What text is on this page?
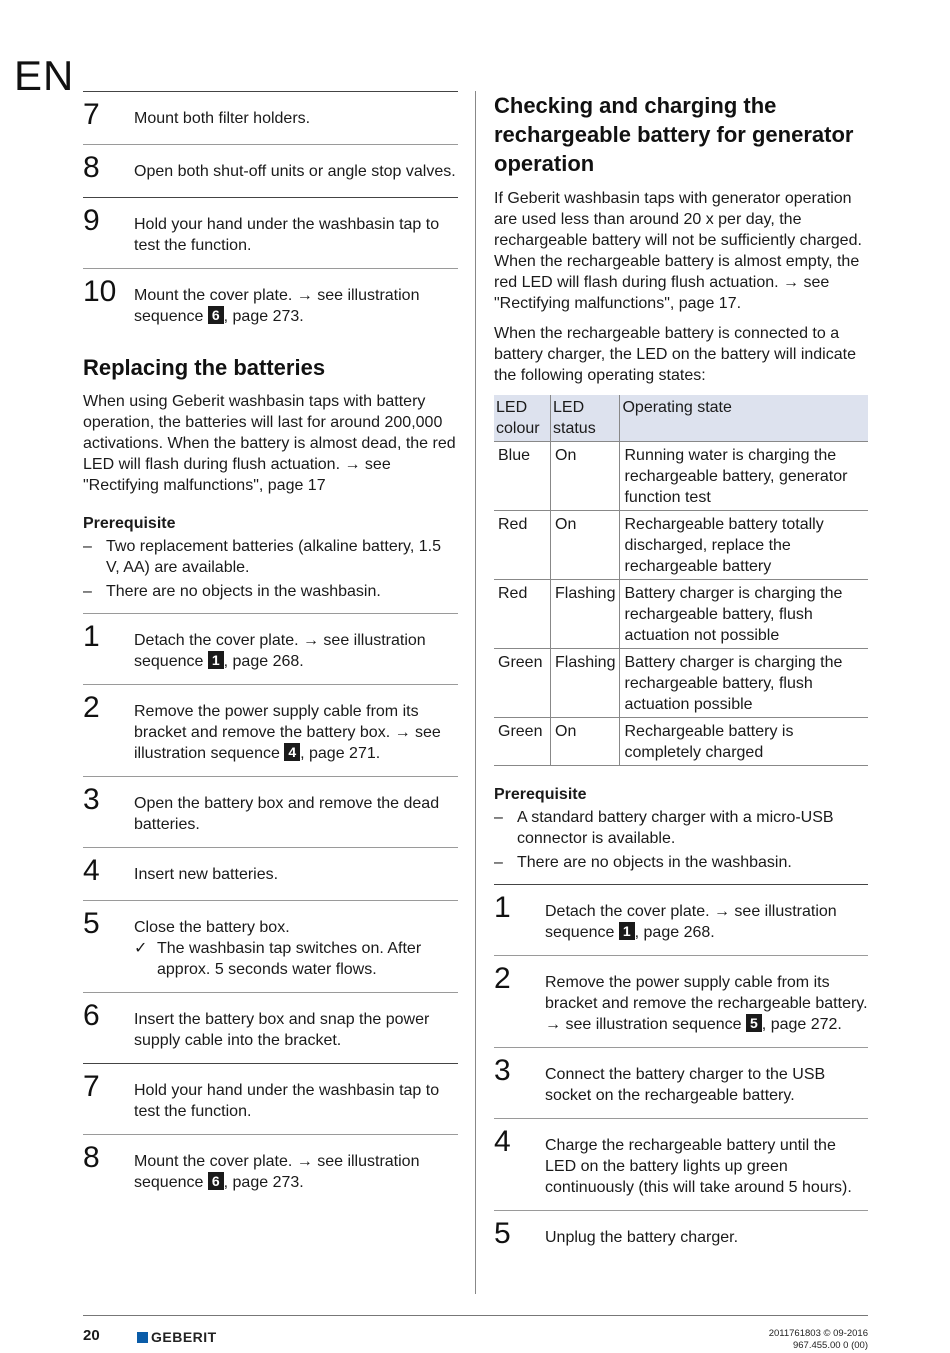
EN
7	Mount both filter holders.
8	Open both shut-off units or angle stop valves.
9	Hold your hand under the washbasin tap to test the function.
10	Mount the cover plate. → see illustration sequence 6 , page 273.
Replacing the batteries

When using Geberit washbasin taps with battery operation, the batteries will last for around 200,000 activations. When the battery is almost dead, the red LED will flash during flush actuation. → see "Rectifying malfunctions", page 17

Prerequisite

– Two replacement batteries (alkaline battery, 1.5 V, AA) are available.
– There are no objects in the washbasin.
1	Detach the cover plate. → see illustration sequence 1 , page 268.
2	Remove the power supply cable from its bracket and remove the battery box. → see illustration sequence 4 , page 271.
3	Open the battery box and remove the dead batteries.
4	Insert new batteries.
5	Close the battery box.
✓ The washbasin tap switches on. After approx. 5 seconds water flows.
6	Insert the battery box and snap the power supply cable into the bracket.
7	Hold your hand under the washbasin tap to test the function.
8	Mount the cover plate. → see illustration sequence 6 , page 273.
Checking and charging the rechargeable battery for generator operation

If Geberit washbasin taps with generator operation are used less than around 20 x per day, the rechargeable battery will not be sufficiently charged. When the rechargeable battery is almost empty, the red LED will flash during flush actuation. → see "Rectifying malfunctions", page 17.

When the rechargeable battery is connected to a battery charger, the LED on the battery will indicate the following operating states:

LED colour	LED status	Operating state
Blue	On	Running water is charging the rechargeable battery, generator function test
Red	On	Rechargeable battery totally discharged, replace the rechargeable battery
Red	Flashing	Battery charger is charging the rechargeable battery, flush actuation not possible
Green	Flashing	Battery charger is charging the rechargeable battery, flush actuation possible
Green	On	Rechargeable battery is completely charged

Prerequisite

– A standard battery charger with a micro-USB connector is available.
– There are no objects in the washbasin.
1	Detach the cover plate. → see illustration sequence 1 , page 268.
2	Remove the power supply cable from its bracket and remove the rechargeable battery. → see illustration sequence 5 , page 272.
3	Connect the battery charger to the USB socket on the rechargeable battery.
4	Charge the rechargeable battery until the LED on the battery lights up green continuously (this will take around 5 hours).
5	Unplug the battery charger.
20	GEBERIT	2011761803 © 09-2016
967.455.00 0 (00)
